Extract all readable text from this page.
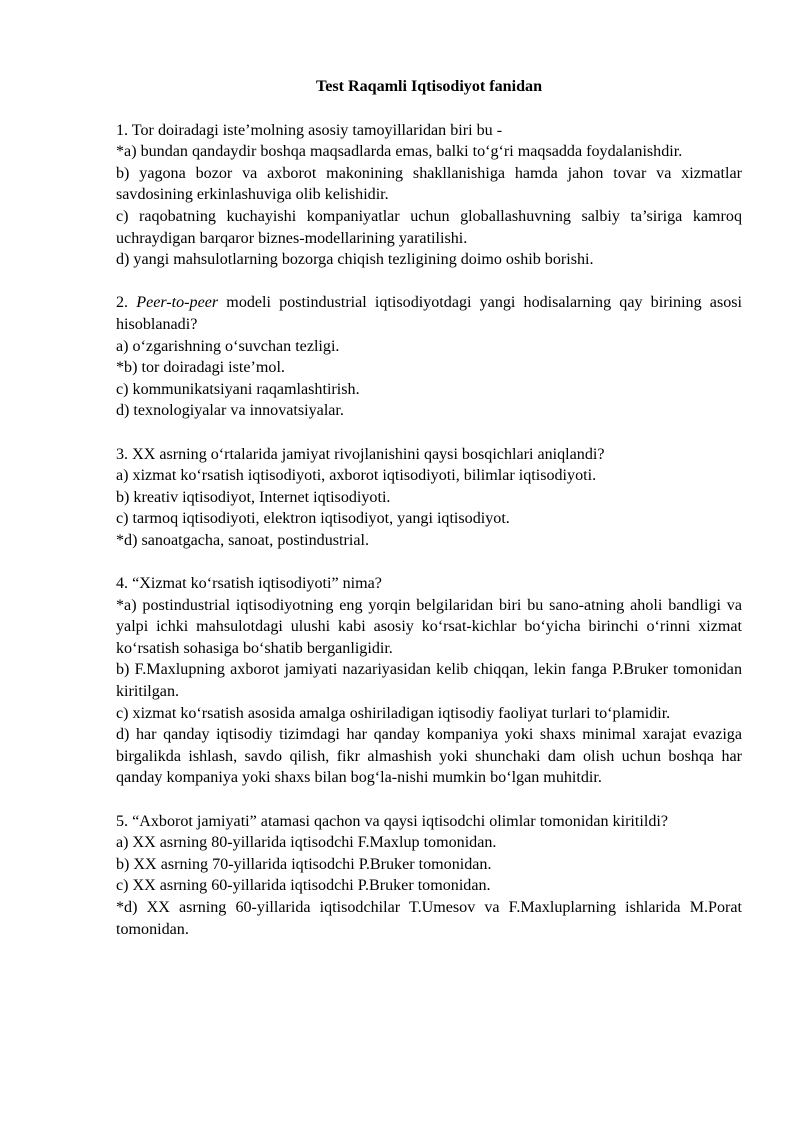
Test Raqamli Iqtisodiyot fanidan

1. Tor doiradagi iste’molning asosiy tamoyillaridan biri bu -

*a) bundan qandaydir boshqa maqsadlarda emas, balki to‘g‘ri maqsadda foydalanishdir.

b) yagona bozor va axborot makonining shakllanishiga hamda jahon tovar va xizmatlar savdosining erkinlashuviga olib kelishidir.

c) raqobatning kuchayishi kompaniyatlar uchun globallashuvning salbiy ta’siriga kamroq uchraydigan barqaror biznes-modellarining yaratilishi.

d) yangi mahsulotlarning bozorga chiqish tezligining doimo oshib borishi.

2. Peer-to-peer modeli postindustrial iqtisodiyotdagi yangi hodisalarning qay birining asosi hisoblanadi?

a) o‘zgarishning o‘suvchan tezligi.

*b) tor doiradagi iste’mol.

c) kommunikatsiyani raqamlashtirish.

d) texnologiyalar va innovatsiyalar.

3. XX asrning o‘rtalarida jamiyat rivojlanishini qaysi bosqichlari aniqlandi?

a) xizmat ko‘rsatish iqtisodiyoti, axborot iqtisodiyoti, bilimlar iqtisodiyoti.

b) kreativ iqtisodiyot, Internet iqtisodiyoti.

c) tarmoq iqtisodiyoti, elektron iqtisodiyot, yangi iqtisodiyot.

*d) sanoatgacha, sanoat, postindustrial.

4. “Xizmat ko‘rsatish iqtisodiyoti” nima?

*a) postindustrial iqtisodiyotning eng yorqin belgilaridan biri bu sano-atning aholi bandligi va yalpi ichki mahsulotdagi ulushi kabi asosiy ko‘rsat-kichlar bo‘yicha birinchi o‘rinni xizmat ko‘rsatish sohasiga bo‘shatib berganligidir.

b) F.Maxlupning axborot jamiyati nazariyasidan kelib chiqqan, lekin fanga P.Bruker tomonidan kiritilgan.

c) xizmat ko‘rsatish asosida amalga oshiriladigan iqtisodiy faoliyat turlari to‘plamidir.

d) har qanday iqtisodiy tizimdagi har qanday kompaniya yoki shaxs minimal xarajat evaziga birgalikda ishlash, savdo qilish, fikr almashish yoki shunchaki dam olish uchun boshqa har qanday kompaniya yoki shaxs bilan bog‘la-nishi mumkin bo‘lgan muhitdir.

5. “Axborot jamiyati” atamasi qachon va qaysi iqtisodchi olimlar tomonidan kiritildi?

a) XX asrning 80-yillarida iqtisodchi F.Maxlup tomonidan.

b) XX asrning 70-yillarida iqtisodchi P.Bruker tomonidan.

c) XX asrning 60-yillarida iqtisodchi P.Bruker tomonidan.

*d) XX asrning 60-yillarida iqtisodchilar T.Umesov va F.Maxluplarning ishlarida M.Porat tomonidan.
